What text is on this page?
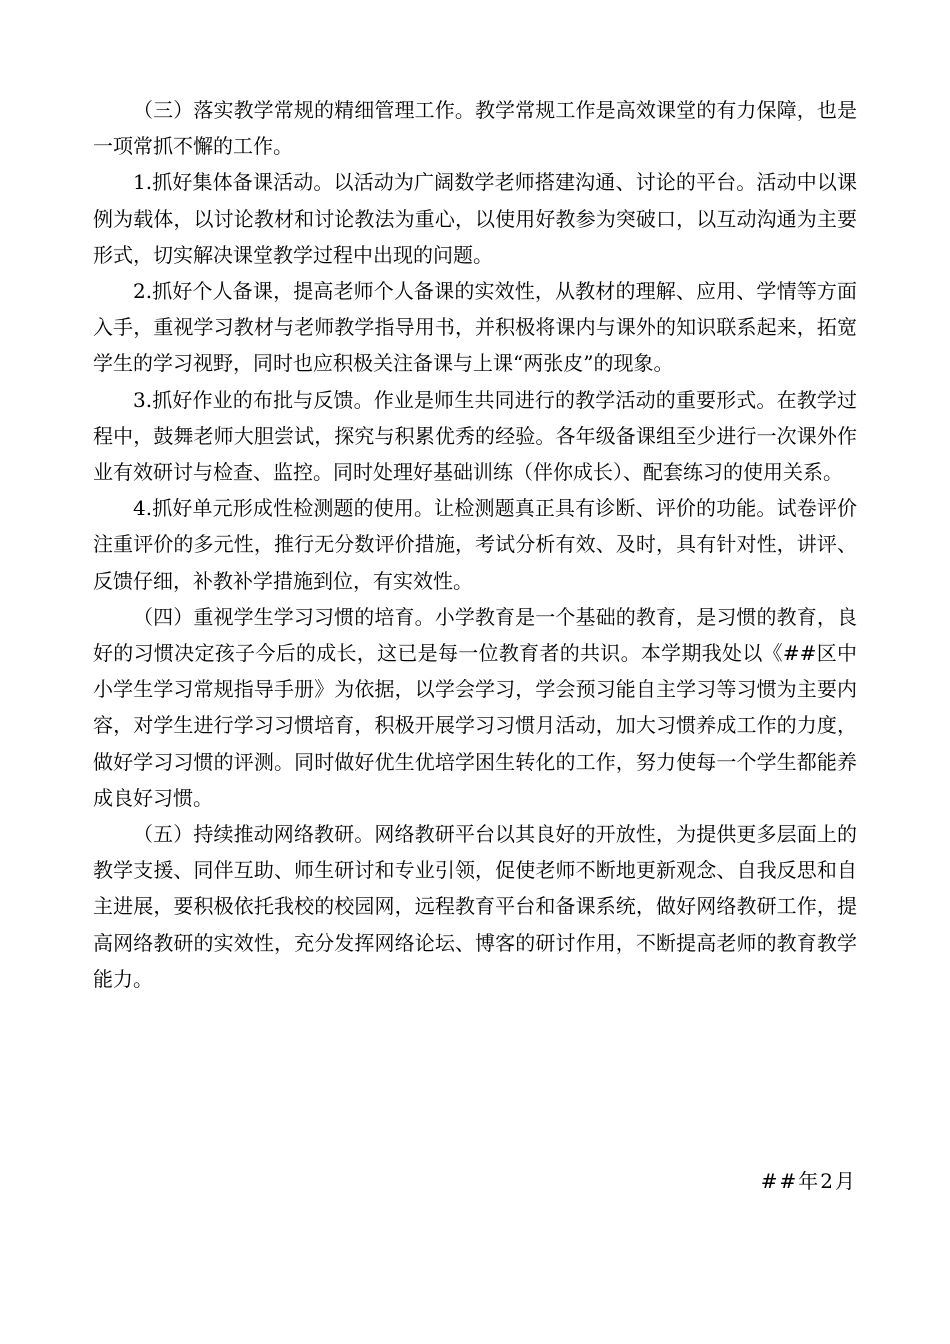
（三）落实教学常规的精细管理工作。教学常规工作是高效课堂的有力保障，也是一项常抓不懈的工作。

1.抓好集体备课活动。以活动为广阔数学老师搭建沟通、讨论的平台。活动中以课例为载体，以讨论教材和讨论教法为重心，以使用好教参为突破口，以互动沟通为主要形式，切实解决课堂教学过程中出现的问题。

2.抓好个人备课，提高老师个人备课的实效性，从教材的理解、应用、学情等方面入手，重视学习教材与老师教学指导用书，并积极将课内与课外的知识联系起来，拓宽学生的学习视野，同时也应积极关注备课与上课“两张皮”的现象。

3.抓好作业的布批与反馈。作业是师生共同进行的教学活动的重要形式。在教学过程中，鼓舞老师大胆尝试，探究与积累优秀的经验。各年级备课组至少进行一次课外作业有效研讨与检查、监控。同时处理好基础训练（伴你成长）、配套练习的使用关系。

4.抓好单元形成性检测题的使用。让检测题真正具有诊断、评价的功能。试卷评价注重评价的多元性，推行无分数评价措施，考试分析有效、及时，具有针对性，讲评、反馈仔细，补教补学措施到位，有实效性。

（四）重视学生学习习惯的培育。小学教育是一个基础的教育，是习惯的教育，良好的习惯决定孩子今后的成长，这已是每一位教育者的共识。本学期我处以《##区中小学生学习常规指导手册》为依据，以学会学习，学会预习能自主学习等习惯为主要内容，对学生进行学习习惯培育，积极开展学习习惯月活动，加大习惯养成工作的力度，做好学习习惯的评测。同时做好优生优培学困生转化的工作，努力使每一个学生都能养成良好习惯。

（五）持续推动网络教研。网络教研平台以其良好的开放性，为提供更多层面上的教学支援、同伴互助、师生研讨和专业引领，促使老师不断地更新观念、自我反思和自主进展，要积极依托我校的校园网，远程教育平台和备课系统，做好网络教研工作，提高网络教研的实效性，充分发挥网络论坛、博客的研讨作用，不断提高老师的教育教学能力。

##年2月
